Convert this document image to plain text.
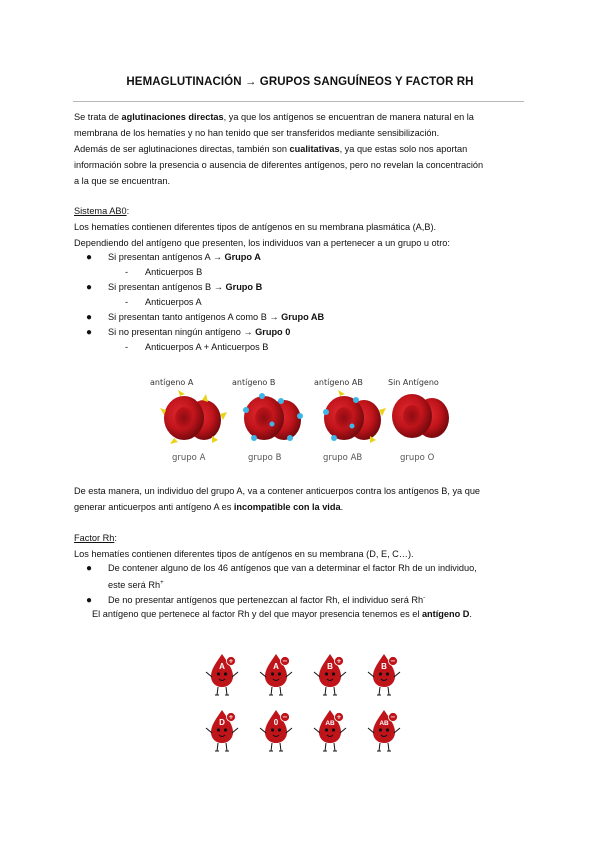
HEMAGLUTINACIÓN → GRUPOS SANGUÍNEOS Y FACTOR RH
Se trata de aglutinaciones directas, ya que los antígenos se encuentran de manera natural en la
membrana de los hematíes y no han tenido que ser transferidos mediante sensibilización.
Además de ser aglutinaciones directas, también son cualitativas, ya que estas solo nos aportan
información sobre la presencia o ausencia de diferentes antígenos, pero no revelan la concentración
a la que se encuentran.
Sistema AB0:
Los hematíes contienen diferentes tipos de antígenos en su membrana plasmática (A,B).
Dependiendo del antígeno que presenten, los individuos van a pertenecer a un grupo u otro:
● Si presentan antígenos A → Grupo A
- Anticuerpos B
● Si presentan antígenos B → Grupo B
- Anticuerpos A
● Si presentan tanto antígenos A como B → Grupo AB
● Si no presentan ningún antígeno → Grupo 0
- Anticuerpos A + Anticuerpos B
antígeno A	antígeno B	antígeno AB	Sin Antígeno
grupo A	grupo B	grupo AB	grupo O
De esta manera, un individuo del grupo A, va a contener anticuerpos contra los antígenos B, ya que
generar anticuerpos anti antígeno A es incompatible con la vida.
Factor Rh:
Los hematíes contienen diferentes tipos de antígenos en su membrana (D, E, C…).
● De contener alguno de los 46 antígenos que van a determinar el factor Rh de un individuo,
este será Rh+
● De no presentar antígenos que pertenezcan al factor Rh, el individuo será Rh-
El antígeno que pertenece al factor Rh y del que mayor presencia tenemos es el antígeno D.
A
+
A
−
B
+
B
−
D
+
0
−
AB
+
AB
−
